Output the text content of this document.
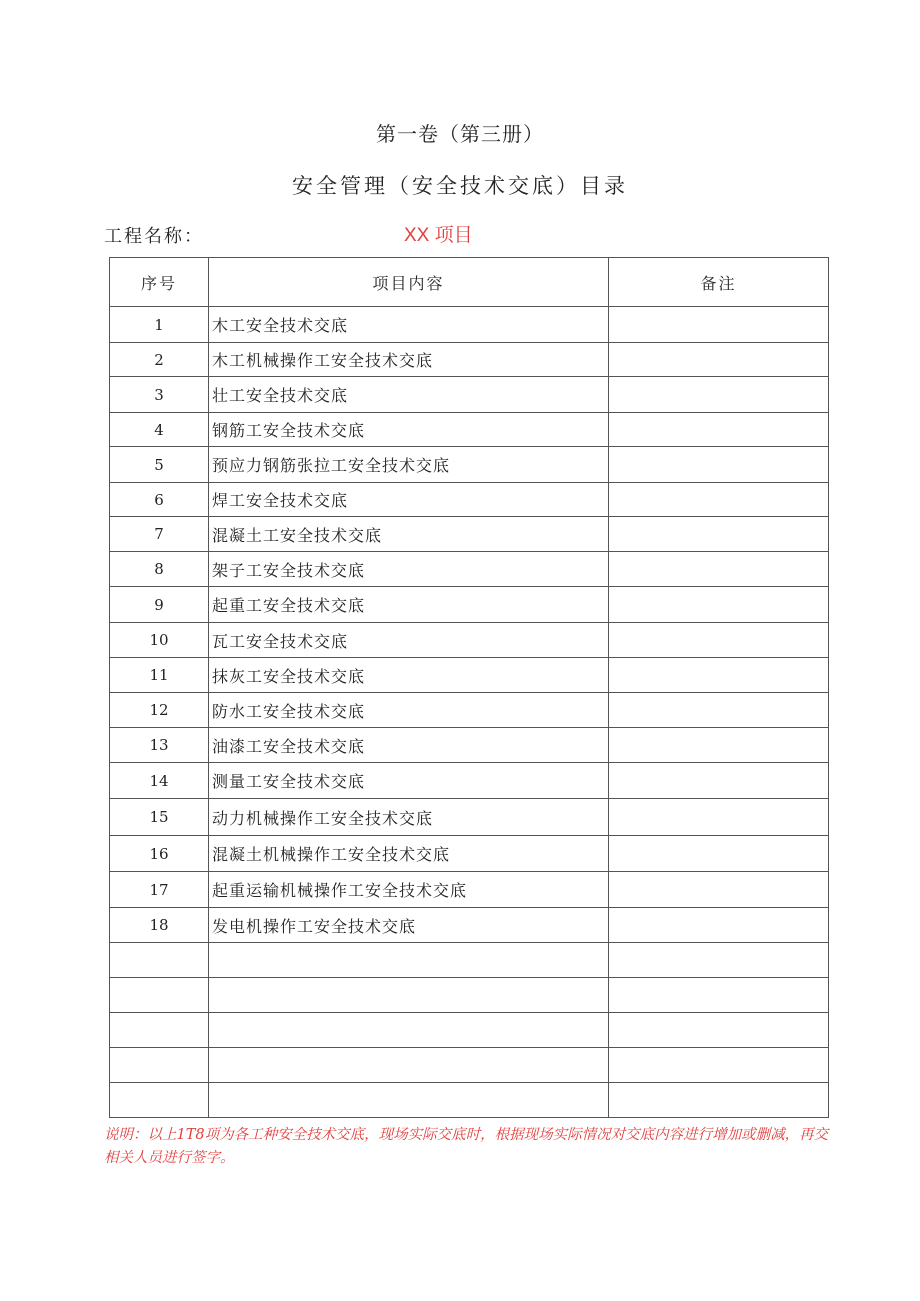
第一卷（第三册）
安全管理（安全技术交底）目录
工程名称：	XX 项目
序号	项目内容	备注
1	木工安全技术交底	
2	木工机械操作工安全技术交底	
3	壮工安全技术交底	
4	钢筋工安全技术交底	
5	预应力钢筋张拉工安全技术交底	
6	焊工安全技术交底	
7	混凝土工安全技术交底	
8	架子工安全技术交底	
9	起重工安全技术交底	
10	瓦工安全技术交底	
11	抹灰工安全技术交底	
12	防水工安全技术交底	
13	油漆工安全技术交底	
14	测量工安全技术交底	
15	动力机械操作工安全技术交底	
16	混凝土机械操作工安全技术交底	
17	起重运输机械操作工安全技术交底	
18	发电机操作工安全技术交底	

说明：以上1T8项为各工种安全技术交底，现场实际交底时，根据现场实际情况对交底内容进行增加或删减，再交相关人员进行签字。
